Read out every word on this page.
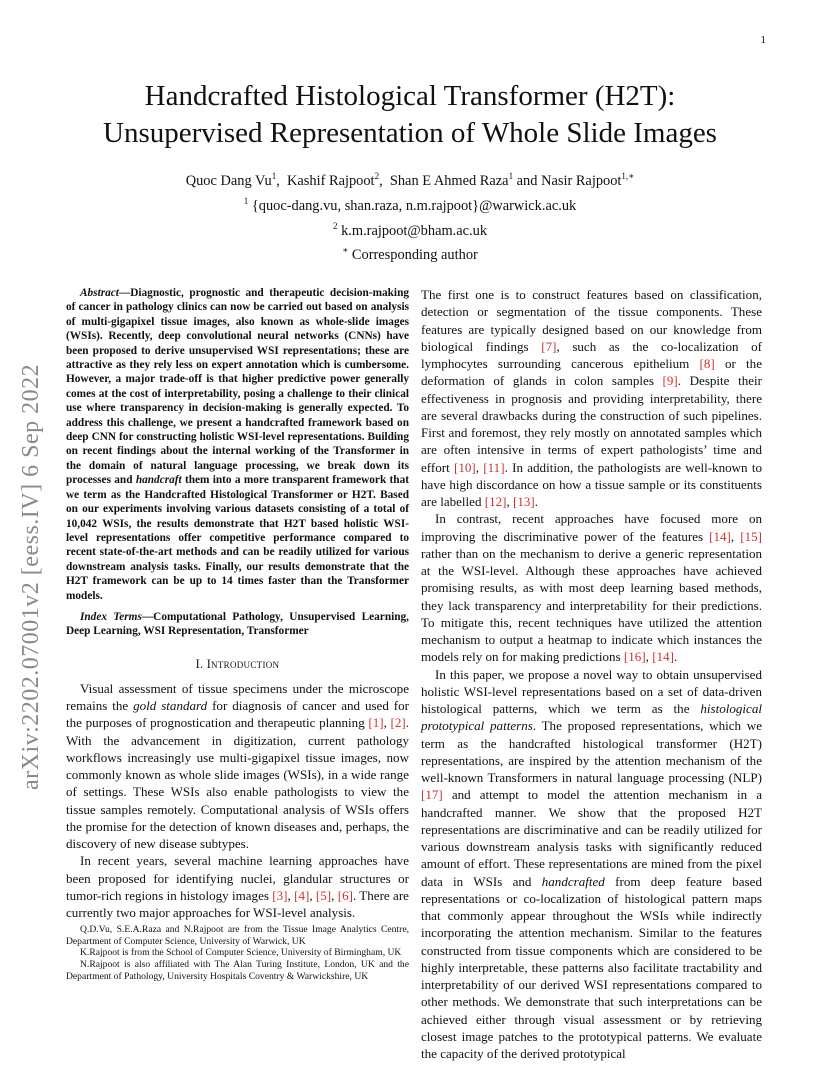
1
arXiv:2202.07001v2 [eess.IV] 6 Sep 2022
Handcrafted Histological Transformer (H2T):
Unsupervised Representation of Whole Slide Images
Quoc Dang Vu$^1$,  Kashif Rajpoot$^2$,  Shan E Ahmed Raza$^1$ and Nasir Rajpoot$^{1,∗}$
$^1$ {quoc-dang.vu, shan.raza, n.m.rajpoot}@warwick.ac.uk
$^2$ k.m.rajpoot@bham.ac.uk
∗ Corresponding author

Abstract—Diagnostic, prognostic and therapeutic decision-making of cancer in pathology clinics can now be carried out based on analysis of multi-gigapixel tissue images, also known as whole-slide images (WSIs). Recently, deep convolutional neural networks (CNNs) have been proposed to derive unsupervised WSI representations; these are attractive as they rely less on expert annotation which is cumbersome. However, a major trade-off is that higher predictive power generally comes at the cost of interpretability, posing a challenge to their clinical use where transparency in decision-making is generally expected. To address this challenge, we present a handcrafted framework based on deep CNN for constructing holistic WSI-level representations. Building on recent findings about the internal working of the Transformer in the domain of natural language processing, we break down its processes and handcraft them into a more transparent framework that we term as the Handcrafted Histological Transformer or H2T. Based on our experiments involving various datasets consisting of a total of 10,042 WSIs, the results demonstrate that H2T based holistic WSI-level representations offer competitive performance compared to recent state-of-the-art methods and can be readily utilized for various downstream analysis tasks. Finally, our results demonstrate that the H2T framework can be up to 14 times faster than the Transformer models.

Index Terms—Computational Pathology, Unsupervised Learning, Deep Learning, WSI Representation, Transformer

I. Introduction

Visual assessment of tissue specimens under the microscope remains the gold standard for diagnosis of cancer and used for the purposes of prognostication and therapeutic planning [1], [2]. With the advancement in digitization, current pathology workflows increasingly use multi-gigapixel tissue images, now commonly known as whole slide images (WSIs), in a wide range of settings. These WSIs also enable pathologists to view the tissue samples remotely. Computational analysis of WSIs offers the promise for the detection of known diseases and, perhaps, the discovery of new disease subtypes.

In recent years, several machine learning approaches have been proposed for identifying nuclei, glandular structures or tumor-rich regions in histology images [3], [4], [5], [6]. There are currently two major approaches for WSI-level analysis.

Q.D.Vu, S.E.A.Raza and N.Rajpoot are from the Tissue Image Analytics Centre, Department of Computer Science, University of Warwick, UK

K.Rajpoot is from the School of Computer Science, University of Birmingham, UK

N.Rajpoot is also affiliated with The Alan Turing Institute, London, UK and the Department of Pathology, University Hospitals Coventry & Warwickshire, UK

The first one is to construct features based on classification, detection or segmentation of the tissue components. These features are typically designed based on our knowledge from biological findings [7], such as the co-localization of lymphocytes surrounding cancerous epithelium [8] or the deformation of glands in colon samples [9]. Despite their effectiveness in prognosis and providing interpretability, there are several drawbacks during the construction of such pipelines. First and foremost, they rely mostly on annotated samples which are often intensive in terms of expert pathologists’ time and effort [10], [11]. In addition, the pathologists are well-known to have high discordance on how a tissue sample or its constituents are labelled [12], [13].

In contrast, recent approaches have focused more on improving the discriminative power of the features [14], [15] rather than on the mechanism to derive a generic representation at the WSI-level. Although these approaches have achieved promising results, as with most deep learning based methods, they lack transparency and interpretability for their predictions. To mitigate this, recent techniques have utilized the attention mechanism to output a heatmap to indicate which instances the models rely on for making predictions [16], [14].

In this paper, we propose a novel way to obtain unsupervised holistic WSI-level representations based on a set of data-driven histological patterns, which we term as the histological prototypical patterns. The proposed representations, which we term as the handcrafted histological transformer (H2T) representations, are inspired by the attention mechanism of the well-known Transformers in natural language processing (NLP) [17] and attempt to model the attention mechanism in a handcrafted manner. We show that the proposed H2T representations are discriminative and can be readily utilized for various downstream analysis tasks with significantly reduced amount of effort. These representations are mined from the pixel data in WSIs and handcrafted from deep feature based representations or co-localization of histological pattern maps that commonly appear throughout the WSIs while indirectly incorporating the attention mechanism. Similar to the features constructed from tissue components which are considered to be highly interpretable, these patterns also facilitate tractability and interpretability of our derived WSI representations compared to other methods. We demonstrate that such interpretations can be achieved either through visual assessment or by retrieving closest image patches to the prototypical patterns. We evaluate the capacity of the derived prototypical
